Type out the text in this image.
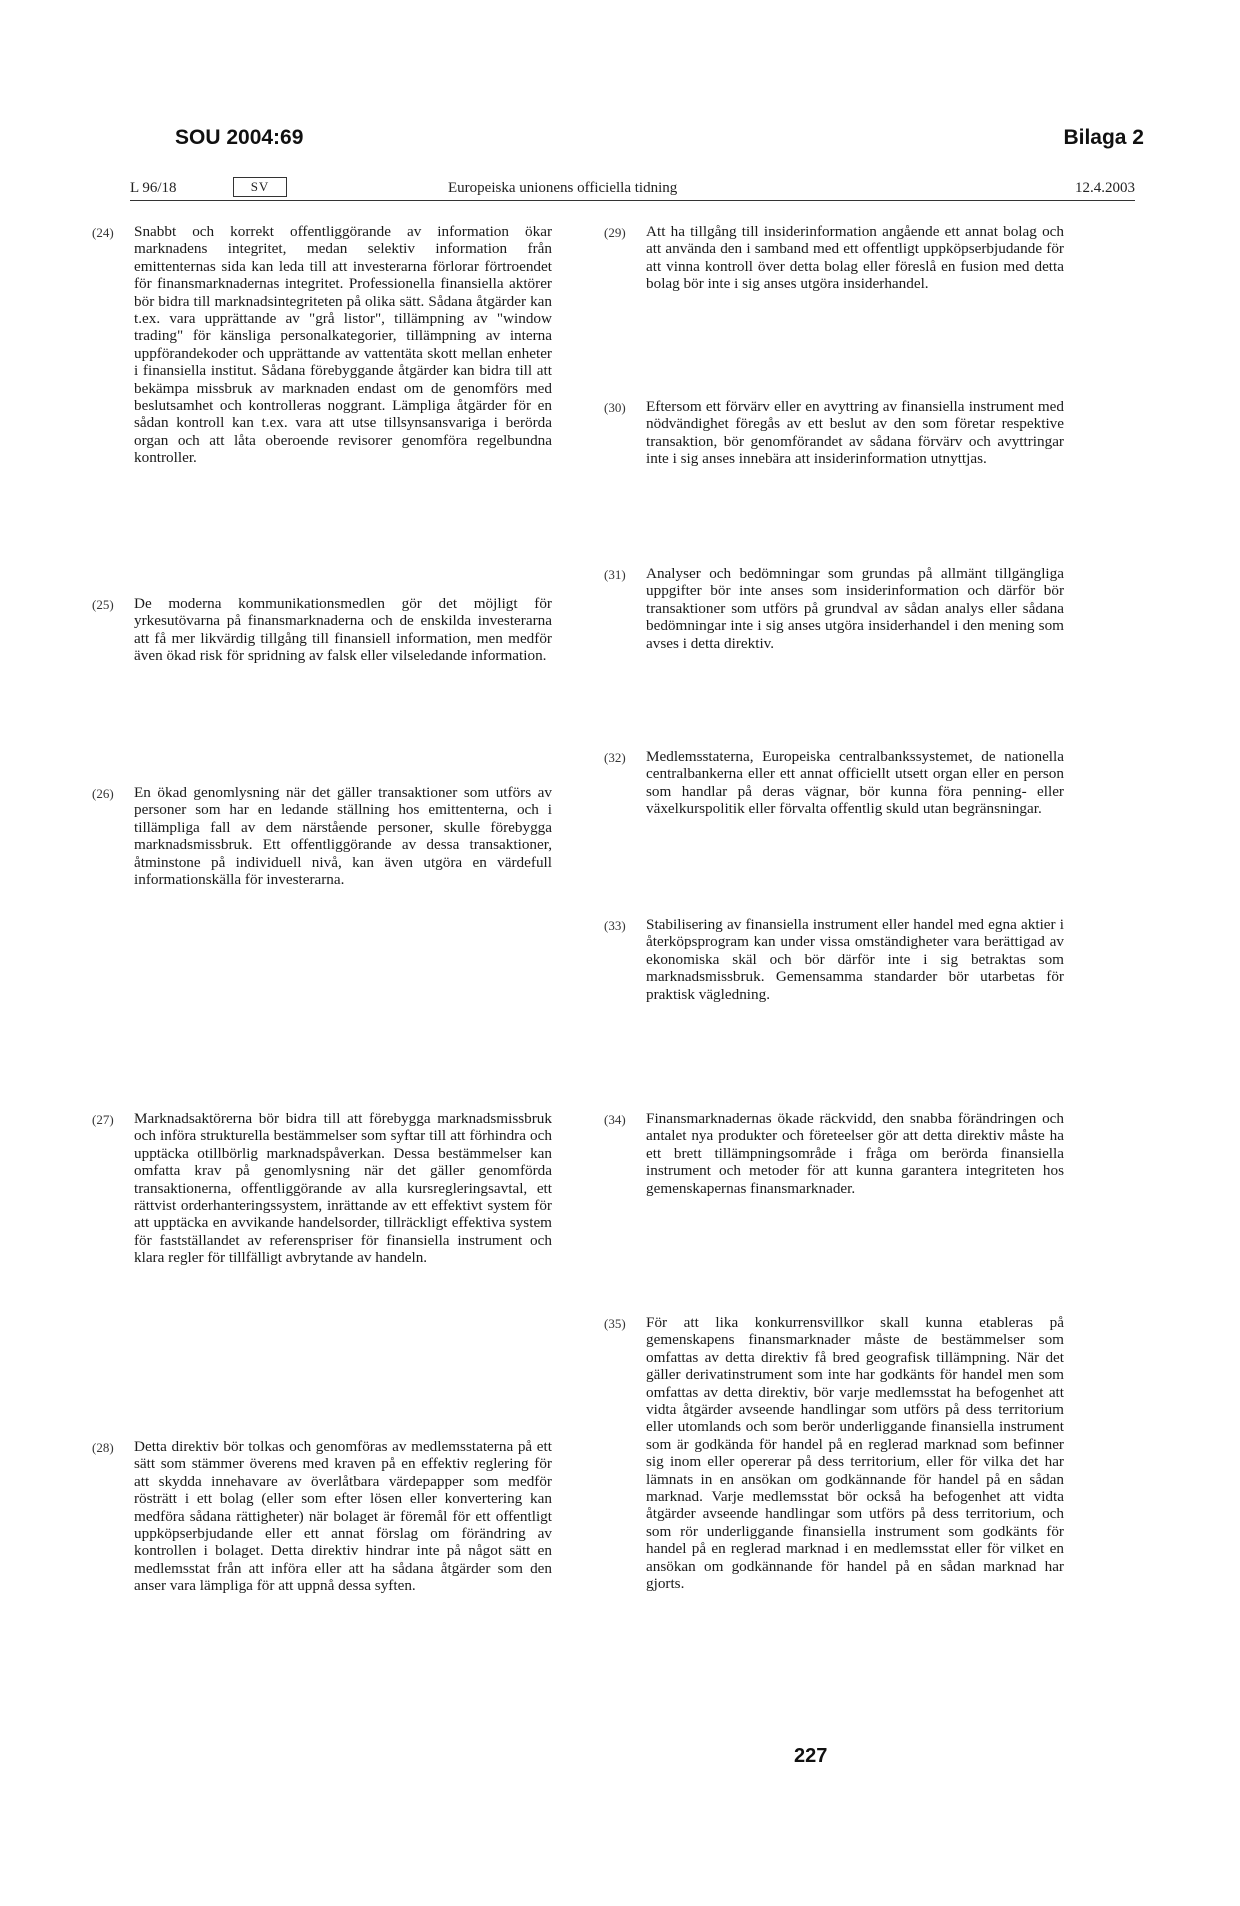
SOU 2004:69	Bilaga 2
L 96/18	SV	Europeiska unionens officiella tidning	12.4.2003
(24)	Snabbt och korrekt offentliggörande av information ökar marknadens integritet, medan selektiv information från emittenternas sida kan leda till att investerarna förlorar förtroendet för finansmarknadernas integritet. Professionella finansiella aktörer bör bidra till marknadsintegriteten på olika sätt. Sådana åtgärder kan t.ex. vara upprättande av "grå listor", tillämpning av "window trading" för känsliga personalkategorier, tillämpning av interna uppförandekoder och upprättande av vattentäta skott mellan enheter i finansiella institut. Sådana förebyggande åtgärder kan bidra till att bekämpa missbruk av marknaden endast om de genomförs med beslutsamhet och kontrolleras noggrant. Lämpliga åtgärder för en sådan kontroll kan t.ex. vara att utse tillsynsansvariga i berörda organ och att låta oberoende revisorer genomföra regelbundna kontroller.
(25)	De moderna kommunikationsmedlen gör det möjligt för yrkesutövarna på finansmarknaderna och de enskilda investerarna att få mer likvärdig tillgång till finansiell information, men medför även ökad risk för spridning av falsk eller vilseledande information.
(26)	En ökad genomlysning när det gäller transaktioner som utförs av personer som har en ledande ställning hos emittenterna, och i tillämpliga fall av dem närstående personer, skulle förebygga marknadsmissbruk. Ett offentliggörande av dessa transaktioner, åtminstone på individuell nivå, kan även utgöra en värdefull informationskälla för investerarna.
(27)	Marknadsaktörerna bör bidra till att förebygga marknadsmissbruk och införa strukturella bestämmelser som syftar till att förhindra och upptäcka otillbörlig marknadspåverkan. Dessa bestämmelser kan omfatta krav på genomlysning när det gäller genomförda transaktionerna, offentliggörande av alla kursregleringsavtal, ett rättvist orderhanteringssystem, inrättande av ett effektivt system för att upptäcka en avvikande handelsorder, tillräckligt effektiva system för fastställandet av referenspriser för finansiella instrument och klara regler för tillfälligt avbrytande av handeln.
(28)	Detta direktiv bör tolkas och genomföras av medlemsstaterna på ett sätt som stämmer överens med kraven på en effektiv reglering för att skydda innehavare av överlåtbara värdepapper som medför rösträtt i ett bolag (eller som efter lösen eller konvertering kan medföra sådana rättigheter) när bolaget är föremål för ett offentligt uppköpserbjudande eller ett annat förslag om förändring av kontrollen i bolaget. Detta direktiv hindrar inte på något sätt en medlemsstat från att införa eller att ha sådana åtgärder som den anser vara lämpliga för att uppnå dessa syften.
(29)	Att ha tillgång till insiderinformation angående ett annat bolag och att använda den i samband med ett offentligt uppköpserbjudande för att vinna kontroll över detta bolag eller föreslå en fusion med detta bolag bör inte i sig anses utgöra insiderhandel.
(30)	Eftersom ett förvärv eller en avyttring av finansiella instrument med nödvändighet föregås av ett beslut av den som företar respektive transaktion, bör genomförandet av sådana förvärv och avyttringar inte i sig anses innebära att insiderinformation utnyttjas.
(31)	Analyser och bedömningar som grundas på allmänt tillgängliga uppgifter bör inte anses som insiderinformation och därför bör transaktioner som utförs på grundval av sådan analys eller sådana bedömningar inte i sig anses utgöra insiderhandel i den mening som avses i detta direktiv.
(32)	Medlemsstaterna, Europeiska centralbankssystemet, de nationella centralbankerna eller ett annat officiellt utsett organ eller en person som handlar på deras vägnar, bör kunna föra penning- eller växelkurspolitik eller förvalta offentlig skuld utan begränsningar.
(33)	Stabilisering av finansiella instrument eller handel med egna aktier i återköpsprogram kan under vissa omständigheter vara berättigad av ekonomiska skäl och bör därför inte i sig betraktas som marknadsmissbruk. Gemensamma standarder bör utarbetas för praktisk vägledning.
(34)	Finansmarknadernas ökade räckvidd, den snabba förändringen och antalet nya produkter och företeelser gör att detta direktiv måste ha ett brett tillämpningsområde i fråga om berörda finansiella instrument och metoder för att kunna garantera integriteten hos gemenskapernas finansmarknader.
(35)	För att lika konkurrensvillkor skall kunna etableras på gemenskapens finansmarknader måste de bestämmelser som omfattas av detta direktiv få bred geografisk tillämpning. När det gäller derivatinstrument som inte har godkänts för handel men som omfattas av detta direktiv, bör varje medlemsstat ha befogenhet att vidta åtgärder avseende handlingar som utförs på dess territorium eller utomlands och som berör underliggande finansiella instrument som är godkända för handel på en reglerad marknad som befinner sig inom eller opererar på dess territorium, eller för vilka det har lämnats in en ansökan om godkännande för handel på en sådan marknad. Varje medlemsstat bör också ha befogenhet att vidta åtgärder avseende handlingar som utförs på dess territorium, och som rör underliggande finansiella instrument som godkänts för handel på en reglerad marknad i en medlemsstat eller för vilket en ansökan om godkännande för handel på en sådan marknad har gjorts.
227
